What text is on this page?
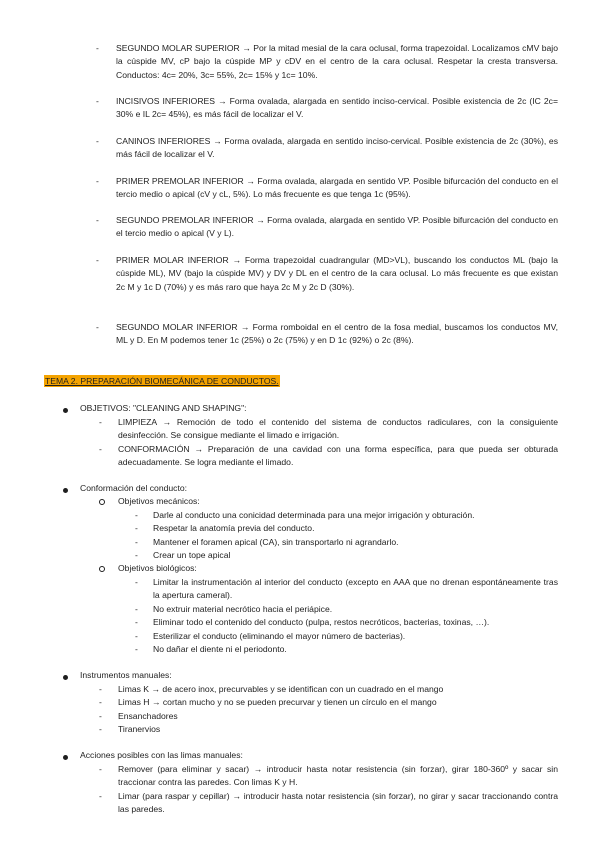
-	SEGUNDO MOLAR SUPERIOR → Por la mitad mesial de la cara oclusal, forma trapezoidal. Localizamos cMV bajo la cúspide MV, cP bajo la cúspide MP y cDV en el centro de la cara oclusal. Respetar la cresta transversa. Conductos: 4c= 20%, 3c= 55%, 2c= 15% y 1c= 10%.
-	INCISIVOS INFERIORES → Forma ovalada, alargada en sentido inciso-cervical. Posible existencia de 2c (IC 2c= 30% e IL 2c= 45%), es más fácil de localizar el V.
-	CANINOS INFERIORES → Forma ovalada, alargada en sentido inciso-cervical. Posible existencia de 2c (30%), es más fácil de localizar el V.
-	PRIMER PREMOLAR INFERIOR → Forma ovalada, alargada en sentido VP. Posible bifurcación del conducto en el tercio medio o apical (cV y cL, 5%). Lo más frecuente es que tenga 1c (95%).
-	SEGUNDO PREMOLAR INFERIOR → Forma ovalada, alargada en sentido VP. Posible bifurcación del conducto en el tercio medio o apical (V y L).
-	PRIMER MOLAR INFERIOR → Forma trapezoidal cuadrangular (MD>VL), buscando los conductos ML (bajo la cúspide ML), MV (bajo la cúspide MV) y DV y DL en el centro de la cara oclusal. Lo más frecuente es que existan 2c M y 1c D (70%) y es más raro que haya 2c M y 2c D (30%).
-	SEGUNDO MOLAR INFERIOR → Forma romboidal en el centro de la fosa medial, buscamos los conductos MV, ML y D. En M podemos tener 1c (25%) o 2c (75%) y en D 1c (92%) o 2c (8%).
TEMA 2. PREPARACIÓN BIOMECÁNICA DE CONDUCTOS.
OBJETIVOS: "CLEANING AND SHAPING":
- LIMPIEZA → Remoción de todo el contenido del sistema de conductos radiculares, con la consiguiente desinfección. Se consigue mediante el limado e irrigación.
- CONFORMACIÓN → Preparación de una cavidad con una forma específica, para que pueda ser obturada adecuadamente. Se logra mediante el limado.
Conformación del conducto:
Objetivos mecánicos:
- Darle al conducto una conicidad determinada para una mejor irrigación y obturación.
- Respetar la anatomía previa del conducto.
- Mantener el foramen apical (CA), sin transportarlo ni agrandarlo.
- Crear un tope apical
Objetivos biológicos:
- Limitar la instrumentación al interior del conducto (excepto en AAA que no drenan espontáneamente tras la apertura cameral).
- No extruir material necrótico hacia el periápice.
- Eliminar todo el contenido del conducto (pulpa, restos necróticos, bacterias, toxinas, …).
- Esterilizar el conducto (eliminando el mayor número de bacterias).
- No dañar el diente ni el periodonto.
Instrumentos manuales:
- Limas K → de acero inox, precurvables y se identifican con un cuadrado en el mango
- Limas H → cortan mucho y no se pueden precurvar y tienen un círculo en el mango
- Ensanchadores
- Tiranervios
Acciones posibles con las limas manuales:
- Remover (para eliminar y sacar) → introducir hasta notar resistencia (sin forzar), girar 180-360º y sacar sin traccionar contra las paredes. Con limas K y H.
- Limar (para raspar y cepillar) → introducir hasta notar resistencia (sin forzar), no girar y sacar traccionando contra las paredes.
